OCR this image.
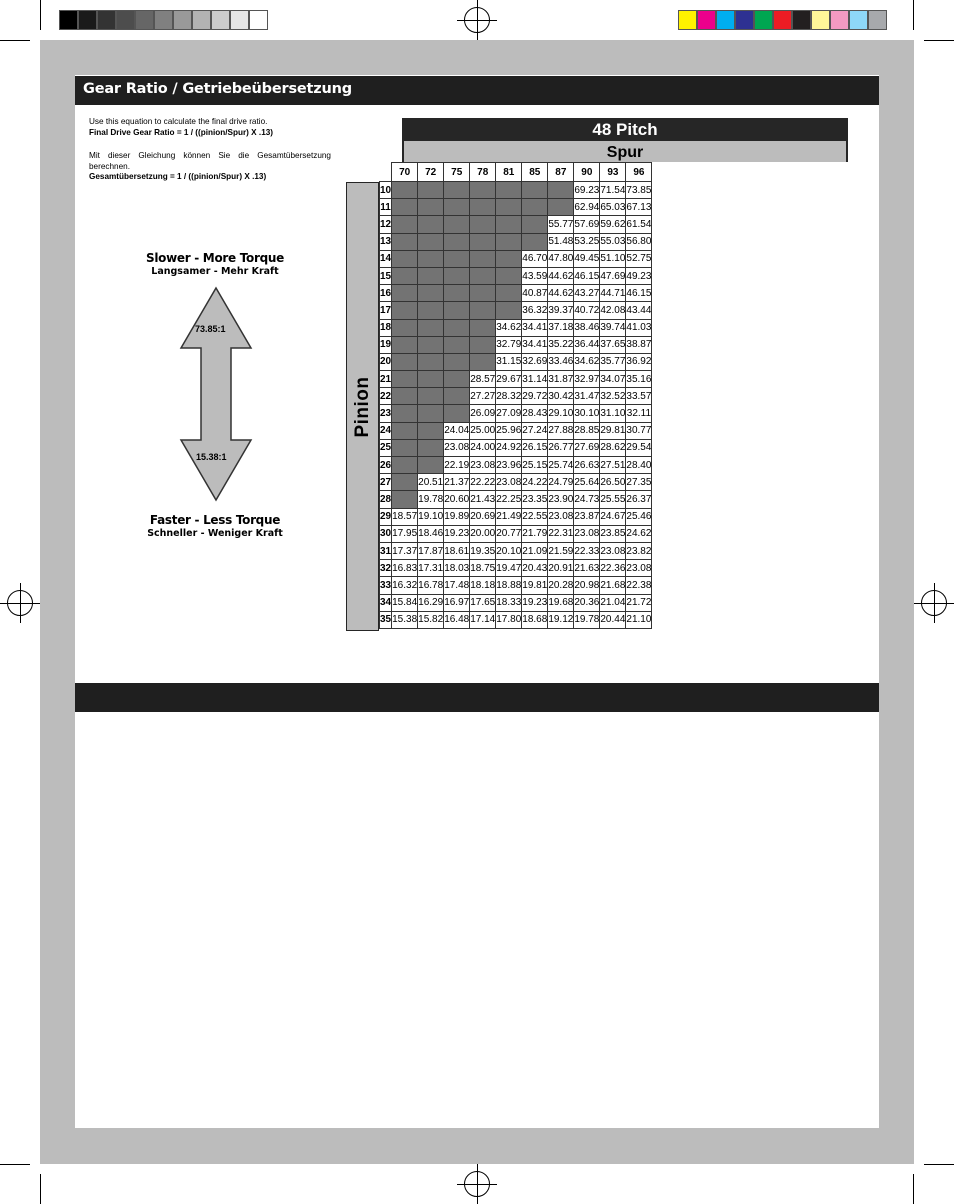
Gear Ratio / Getriebeübersetzung
Use this equation to calculate the final drive ratio.
Final Drive Gear Ratio = 1 / ((pinion/Spur) X .13)
Mit dieser Gleichung können Sie die Gesamtübersetzung berechnen.
Gesamtübersetzung = 1 / ((pinion/Spur) X .13)
Slower - More Torque
Langsamer - Mehr Kraft
73.85:1
15.38:1
Faster - Less Torque
Schneller - Weniger Kraft
48 Pitch
Spur
Pinion
	70	72	75	78	81	85	87	90	93	96
10								69.23	71.54	73.85
11								62.94	65.03	67.13
12							55.77	57.69	59.62	61.54
13							51.48	53.25	55.03	56.80
14						46.70	47.80	49.45	51.10	52.75
15						43.59	44.62	46.15	47.69	49.23
16						40.87	44.62	43.27	44.71	46.15
17						36.32	39.37	40.72	42.08	43.44
18					34.62	34.41	37.18	38.46	39.74	41.03
19					32.79	34.41	35.22	36.44	37.65	38.87
20					31.15	32.69	33.46	34.62	35.77	36.92
21				28.57	29.67	31.14	31.87	32.97	34.07	35.16
22				27.27	28.32	29.72	30.42	31.47	32.52	33.57
23				26.09	27.09	28.43	29.10	30.10	31.10	32.11
24			24.04	25.00	25.96	27.24	27.88	28.85	29.81	30.77
25			23.08	24.00	24.92	26.15	26.77	27.69	28.62	29.54
26			22.19	23.08	23.96	25.15	25.74	26.63	27.51	28.40
27		20.51	21.37	22.22	23.08	24.22	24.79	25.64	26.50	27.35
28		19.78	20.60	21.43	22.25	23.35	23.90	24.73	25.55	26.37
29	18.57	19.10	19.89	20.69	21.49	22.55	23.08	23.87	24.67	25.46
30	17.95	18.46	19.23	20.00	20.77	21.79	22.31	23.08	23.85	24.62
31	17.37	17.87	18.61	19.35	20.10	21.09	21.59	22.33	23.08	23.82
32	16.83	17.31	18.03	18.75	19.47	20.43	20.91	21.63	22.36	23.08
33	16.32	16.78	17.48	18.18	18.88	19.81	20.28	20.98	21.68	22.38
34	15.84	16.29	16.97	17.65	18.33	19.23	19.68	20.36	21.04	21.72
35	15.38	15.82	16.48	17.14	17.80	18.68	19.12	19.78	20.44	21.10
